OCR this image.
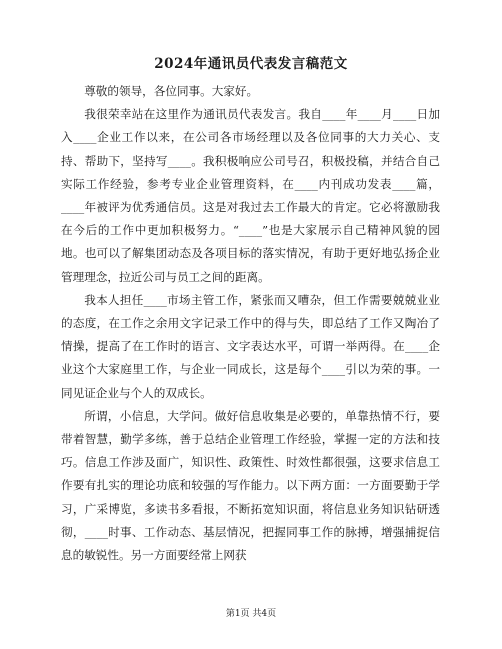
2024年通讯员代表发言稿范文

尊敬的领导，各位同事。大家好。

我很荣幸站在这里作为通讯员代表发言。我自____年____月____日加入____企业工作以来，在公司各市场经理以及各位同事的大力关心、支持、帮助下，坚持写____。我积极响应公司号召，积极投稿，并结合自己实际工作经验，参考专业企业管理资料，在____内刊成功发表____篇，____年被评为优秀通信员。这是对我过去工作最大的肯定。它必将激励我在今后的工作中更加积极努力。“____”也是大家展示自己精神风貌的园地。也可以了解集团动态及各项目标的落实情况，有助于更好地弘扬企业管理理念，拉近公司与员工之间的距离。

我本人担任____市场主管工作，紧张而又嘈杂，但工作需要兢兢业业的态度，在工作之余用文字记录工作中的得与失，即总结了工作又陶冶了情操，提高了在工作时的语言、文字表达水平，可谓一举两得。在____企业这个大家庭里工作，与企业一同成长，这是每个____引以为荣的事。一同见证企业与个人的双成长。

所谓，小信息，大学问。做好信息收集是必要的，单靠热情不行，要带着智慧，勤学多练，善于总结企业管理工作经验，掌握一定的方法和技巧。信息工作涉及面广，知识性、政策性、时效性都很强，这要求信息工作要有扎实的理论功底和较强的写作能力。以下两方面：一方面要勤于学习，广采博览，多读书多看报，不断拓宽知识面，将信息业务知识钻研透彻，____时事、工作动态、基层情况，把握同事工作的脉搏，增强捕捉信息的敏锐性。另一方面要经常上网获

第1页 共4页
